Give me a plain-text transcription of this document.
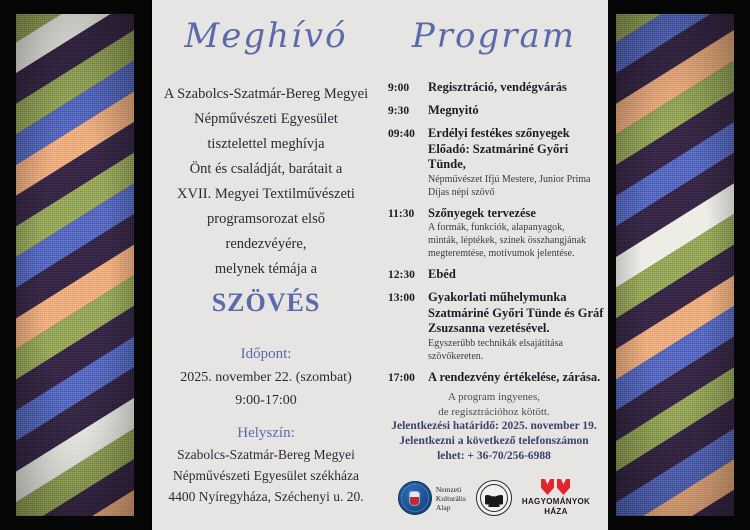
Meghívó
A Szabolcs-Szatmár-Bereg Megyei
Népművészeti Egyesület
tisztelettel meghívja
Önt és családját, barátait a
XVII. Megyei Textilművészeti
programsorozat első
rendezvéyére,
melynek témája a
SZÖVÉS
Időpont:
2025. november 22. (szombat)
9:00-17:00
Helyszín:
Szabolcs-Szatmár-Bereg Megyei
Népművészeti Egyesület székháza
4400 Nyíregyháza, Széchenyi u. 20.
Program
9:00	Regisztráció, vendégvárás
9:30	Megnyitó
09:40	Erdélyi festékes szőnyegek
Előadó: Szatmáriné Győri Tünde,
Népművészet Ifjú Mestere, Junior Prima
Díjas népi szövő
11:30	Szőnyegek tervezése
A formák, funkciók, alapanyagok,
minták, léptékek, színek összhangjának
megteremtése, motívumok jelentése.
12:30	Ebéd
13:00	Gyakorlati műhelymunka
Szatmáriné Győri Tünde és Gráf
Zsuzsanna vezetésével.
Egyszerűbb technikák elsajátítása
szövőkereten.
17:00	A rendezvény értékelése, zárása.
A program ingyenes,
de regisztrációhoz kötött.
Jelentkezési határidő: 2025. november 19.
Jelentkezni a következő telefonszámon
lehet: + 36-70/256-6988
Nemzeti
Kulturális
Alap
HAGYOMÁNYOK
HÁZA
